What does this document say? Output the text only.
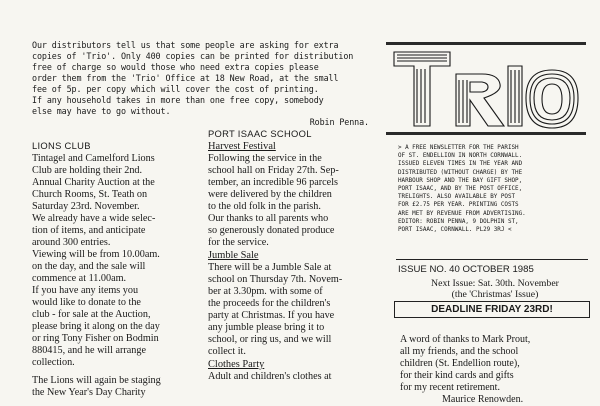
Our distributors tell us that some people are asking for extra
copies of 'Trio'. Only 400 copies can be printed for distribution
free of charge so would those who need extra copies please
order them from the 'Trio' Office at 18 New Road, at the small
fee of 5p. per copy which will cover the cost of printing.
If any household takes in more than one free copy, somebody
else may have to go without.
Robin Penna.
LIONS CLUB
Tintagel and Camelford Lions
Club are holding their 2nd.
Annual Charity Auction at the
Church Rooms, St. Teath on
Saturday 23rd. November.
We already have a wide selec-
tion of items, and anticipate
around 300 entries.
Viewing will be from 10.00am.
on the day, and the sale will
commence at 11.00am.
If you have any items you
would like to donate to the
club - for sale at the Auction,
please bring it along on the day
or ring Tony Fisher on Bodmin
880415, and he will arrange
collection.
The Lions will again be staging
the New Year's Day Charity
PORT ISAAC SCHOOL
Harvest Festival
Following the service in the
school hall on Friday 27th. Sep-
tember, an incredible 96 parcels
were delivered by the children
to the old folk in the parish.
Our thanks to all parents who
so generously donated produce
for the service.
Jumble Sale
There will be a Jumble Sale at
school on Thursday 7th. Novem-
ber at 3.30pm. with some of
the proceeds for the children's
party at Christmas. If you have
any jumble please bring it to
school, or ring us, and we will
collect it.
Clothes Party
Adult and children's clothes at
> A FREE NEWSLETTER FOR THE PARISH
OF ST. ENDELLION IN NORTH CORNWALL.
ISSUED ELEVEN TIMES IN THE YEAR AND
DISTRIBUTED (WITHOUT CHARGE) BY THE
HARBOUR SHOP AND THE BAY GIFT SHOP,
PORT ISAAC, AND BY THE POST OFFICE,
TRELIGHTS. ALSO AVAILABLE BY POST
FOR £2.75 PER YEAR. PRINTING COSTS
ARE MET BY REVENUE FROM ADVERTISING.
EDITOR: ROBIN PENNA, 9 DOLPHIN ST,
PORT ISAAC, CORNWALL. PL29 3RJ <
ISSUE NO. 40 OCTOBER 1985
Next Issue: Sat. 30th. November
(the 'Christmas' Issue)
DEADLINE FRIDAY 23RD!
A word of thanks to Mark Prout,
all my friends, and the school
children (St. Endellion route),
for their kind cards and gifts
for my recent retirement.
Maurice Renowden.
